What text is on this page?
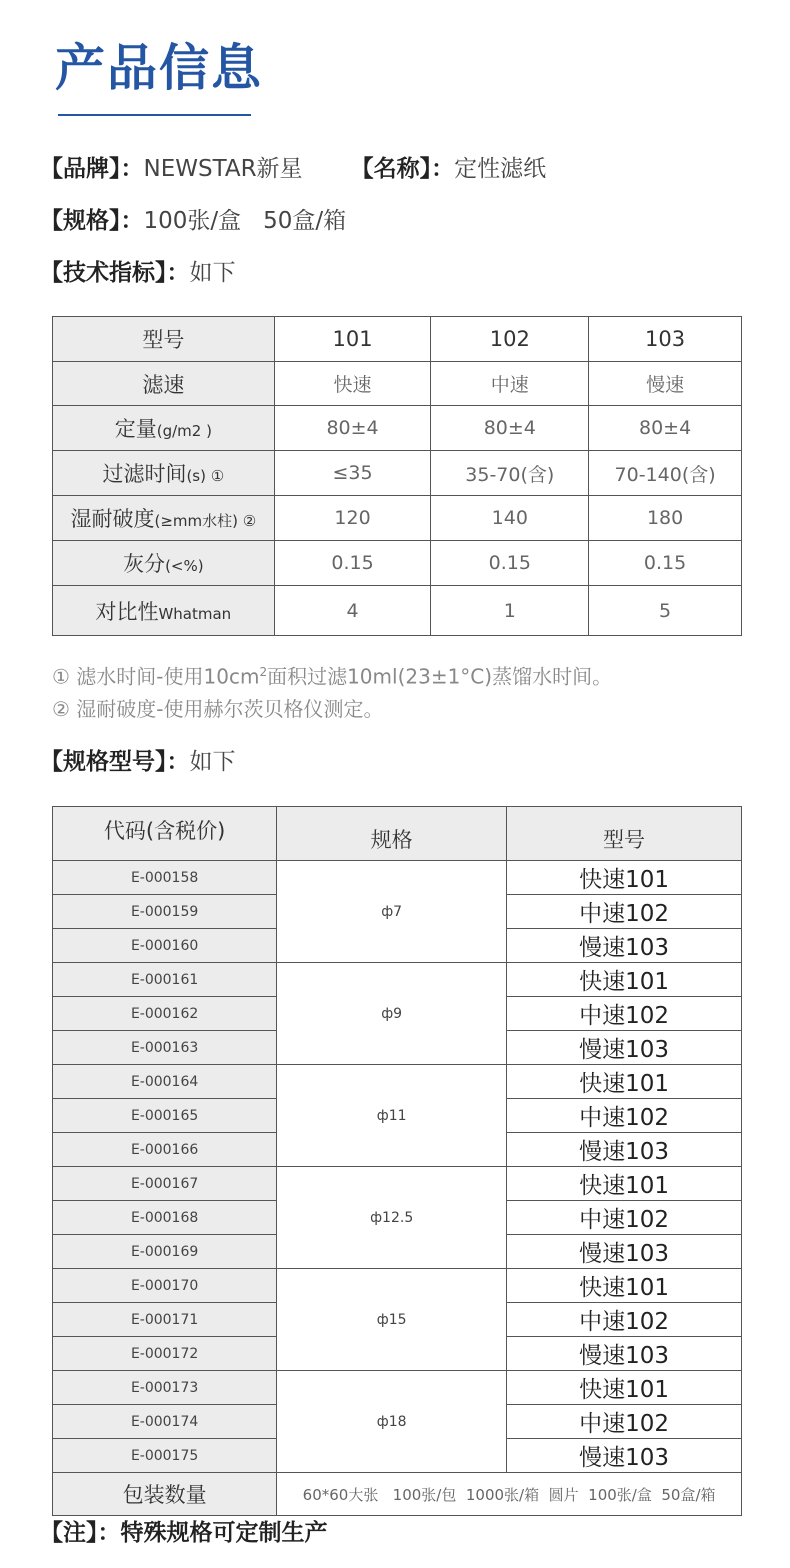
产品信息
【品牌】：NEWSTAR新星 【名称】：定性滤纸
【规格】：100张/盒   50盒/箱
【技术指标】：如下
型号	101	102	103
滤速	快速	中速	慢速
定量(g/m2 )	80±4	80±4	80±4
过滤时间(s) ①	≤35	35-70(含)	70-140(含)
湿耐破度(≥mm水柱) ②	120	140	180
灰分(<%)	0.15	0.15	0.15
对比性Whatman	4	1	5
① 滤水时间-使用$10cm^2$面积过滤10ml(23±1°C)蒸馏水时间。
② 湿耐破度-使用赫尔茨贝格仪测定。
【规格型号】：如下
代码(含税价)	规格	型号
E-000158	ф7	快速101
E-000159		中速102
E-000160		慢速103
E-000161	ф9	快速101
E-000162		中速102
E-000163		慢速103
E-000164	ф11	快速101
E-000165		中速102
E-000166		慢速103
E-000167	ф12.5	快速101
E-000168		中速102
E-000169		慢速103
E-000170	ф15	快速101
E-000171		中速102
E-000172		慢速103
E-000173	ф18	快速101
E-000174		中速102
E-000175		慢速103
包装数量	60*60大张   100张/包  1000张/箱  圆片  100张/盒  50盒/箱	
【注】：特殊规格可定制生产
